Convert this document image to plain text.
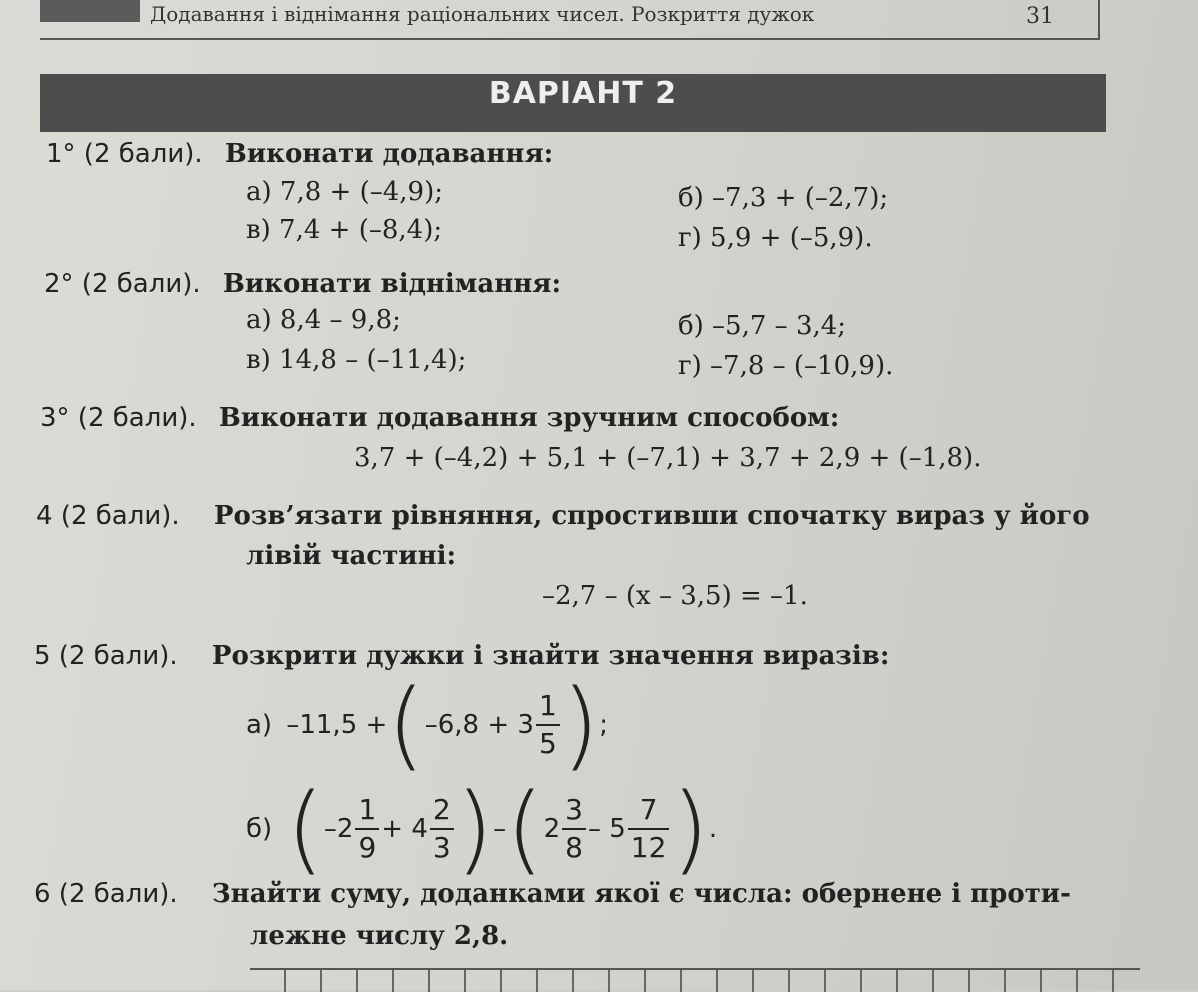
Додавання і віднімання раціональних чисел. Розкриття дужок	31
ВАРІАНТ 2
1° (2 бали). Виконати додавання:
а) 7,8 + (–4,9);	б) –7,3 + (–2,7);
в) 7,4 + (–8,4);	г) 5,9 + (–5,9).
2° (2 бали). Виконати віднімання:
а) 8,4 – 9,8;	б) –5,7 – 3,4;
в) 14,8 – (–11,4);	г) –7,8 – (–10,9).
3° (2 бали). Виконати додавання зручним способом:
3,7 + (–4,2) + 5,1 + (–7,1) + 3,7 + 2,9 + (–1,8).
4 (2 бали). Розв’язати рівняння, спростивши спочатку вираз у його
лівій частині:
–2,7 – (x – 3,5) = –1.
5 (2 бали). Розкрити дужки і знайти значення виразів:
а) $-11,5 +(-6,8 + 3 \frac{1}{5}$ );
б) $(-2 \frac{1}{9} + 4 \frac{2}{3} )-(2 \frac{3}{8} - 5 \frac{7}{12}$ ).
6 (2 бали). Знайти суму, доданками якої є числа: обернене і проти-
лежне числу 2,8.
